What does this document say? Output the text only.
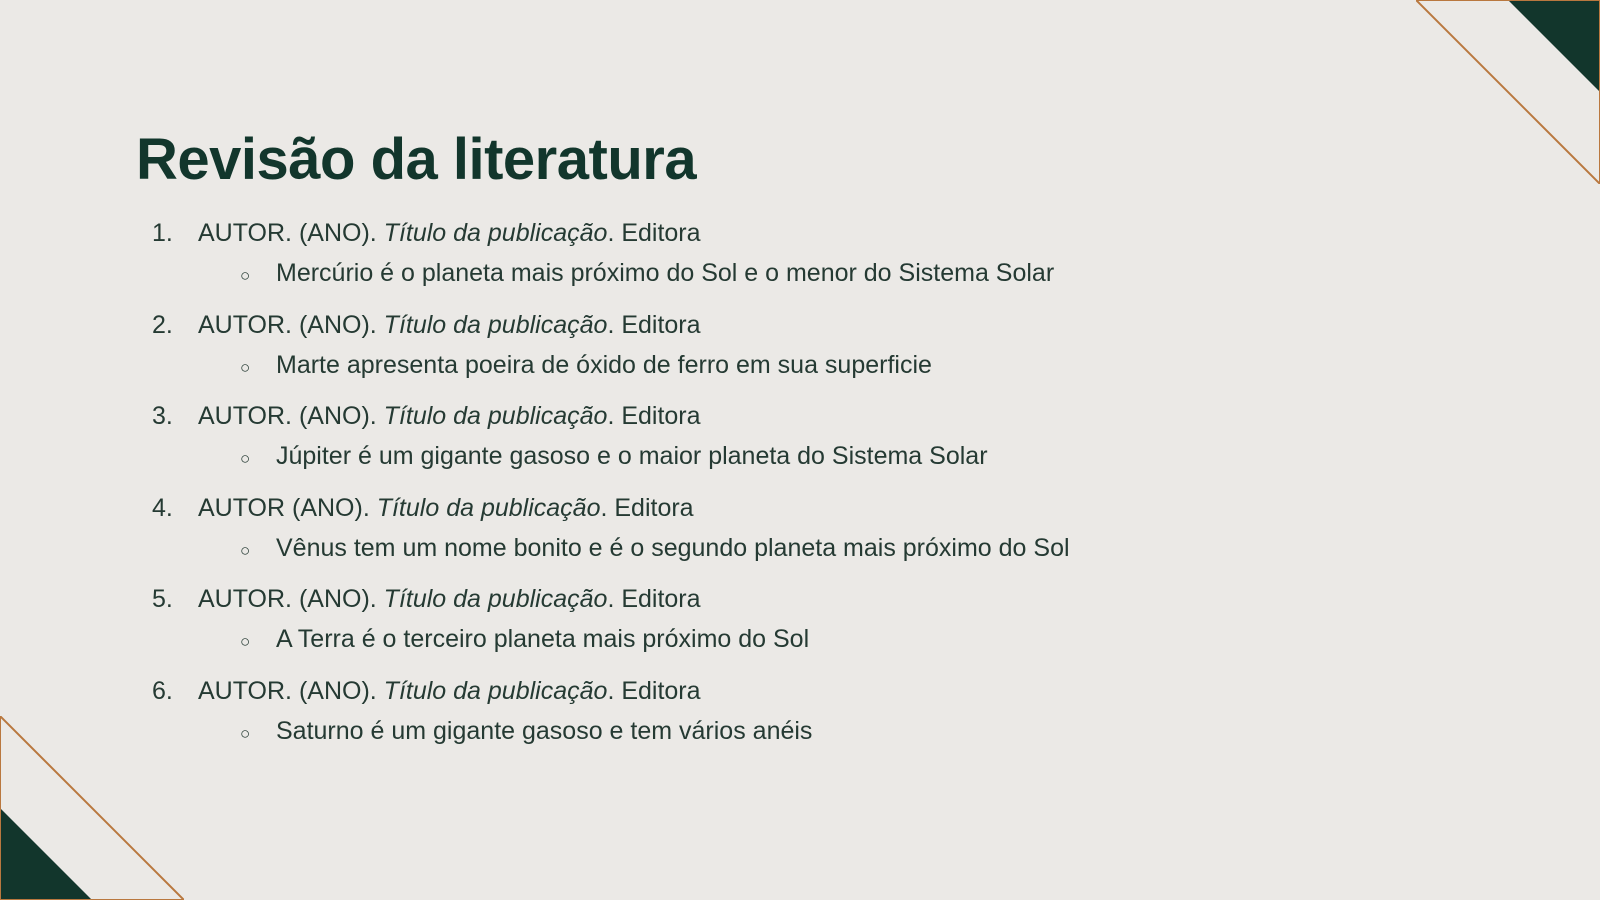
Revisão da literatura
1.	AUTOR. (ANO). Título da publicação. Editora
○	Mercúrio é o planeta mais próximo do Sol e o menor do Sistema Solar
2.	AUTOR. (ANO). Título da publicação. Editora
○	Marte apresenta poeira de óxido de ferro em sua superficie
3.	AUTOR. (ANO). Título da publicação. Editora
○	Júpiter é um gigante gasoso e o maior planeta do Sistema Solar
4.	AUTOR (ANO). Título da publicação. Editora
○	Vênus tem um nome bonito e é o segundo planeta mais próximo do Sol
5.	AUTOR. (ANO). Título da publicação. Editora
○	A Terra é o terceiro planeta mais próximo do Sol
6.	AUTOR. (ANO). Título da publicação. Editora
○	Saturno é um gigante gasoso e tem vários anéis
